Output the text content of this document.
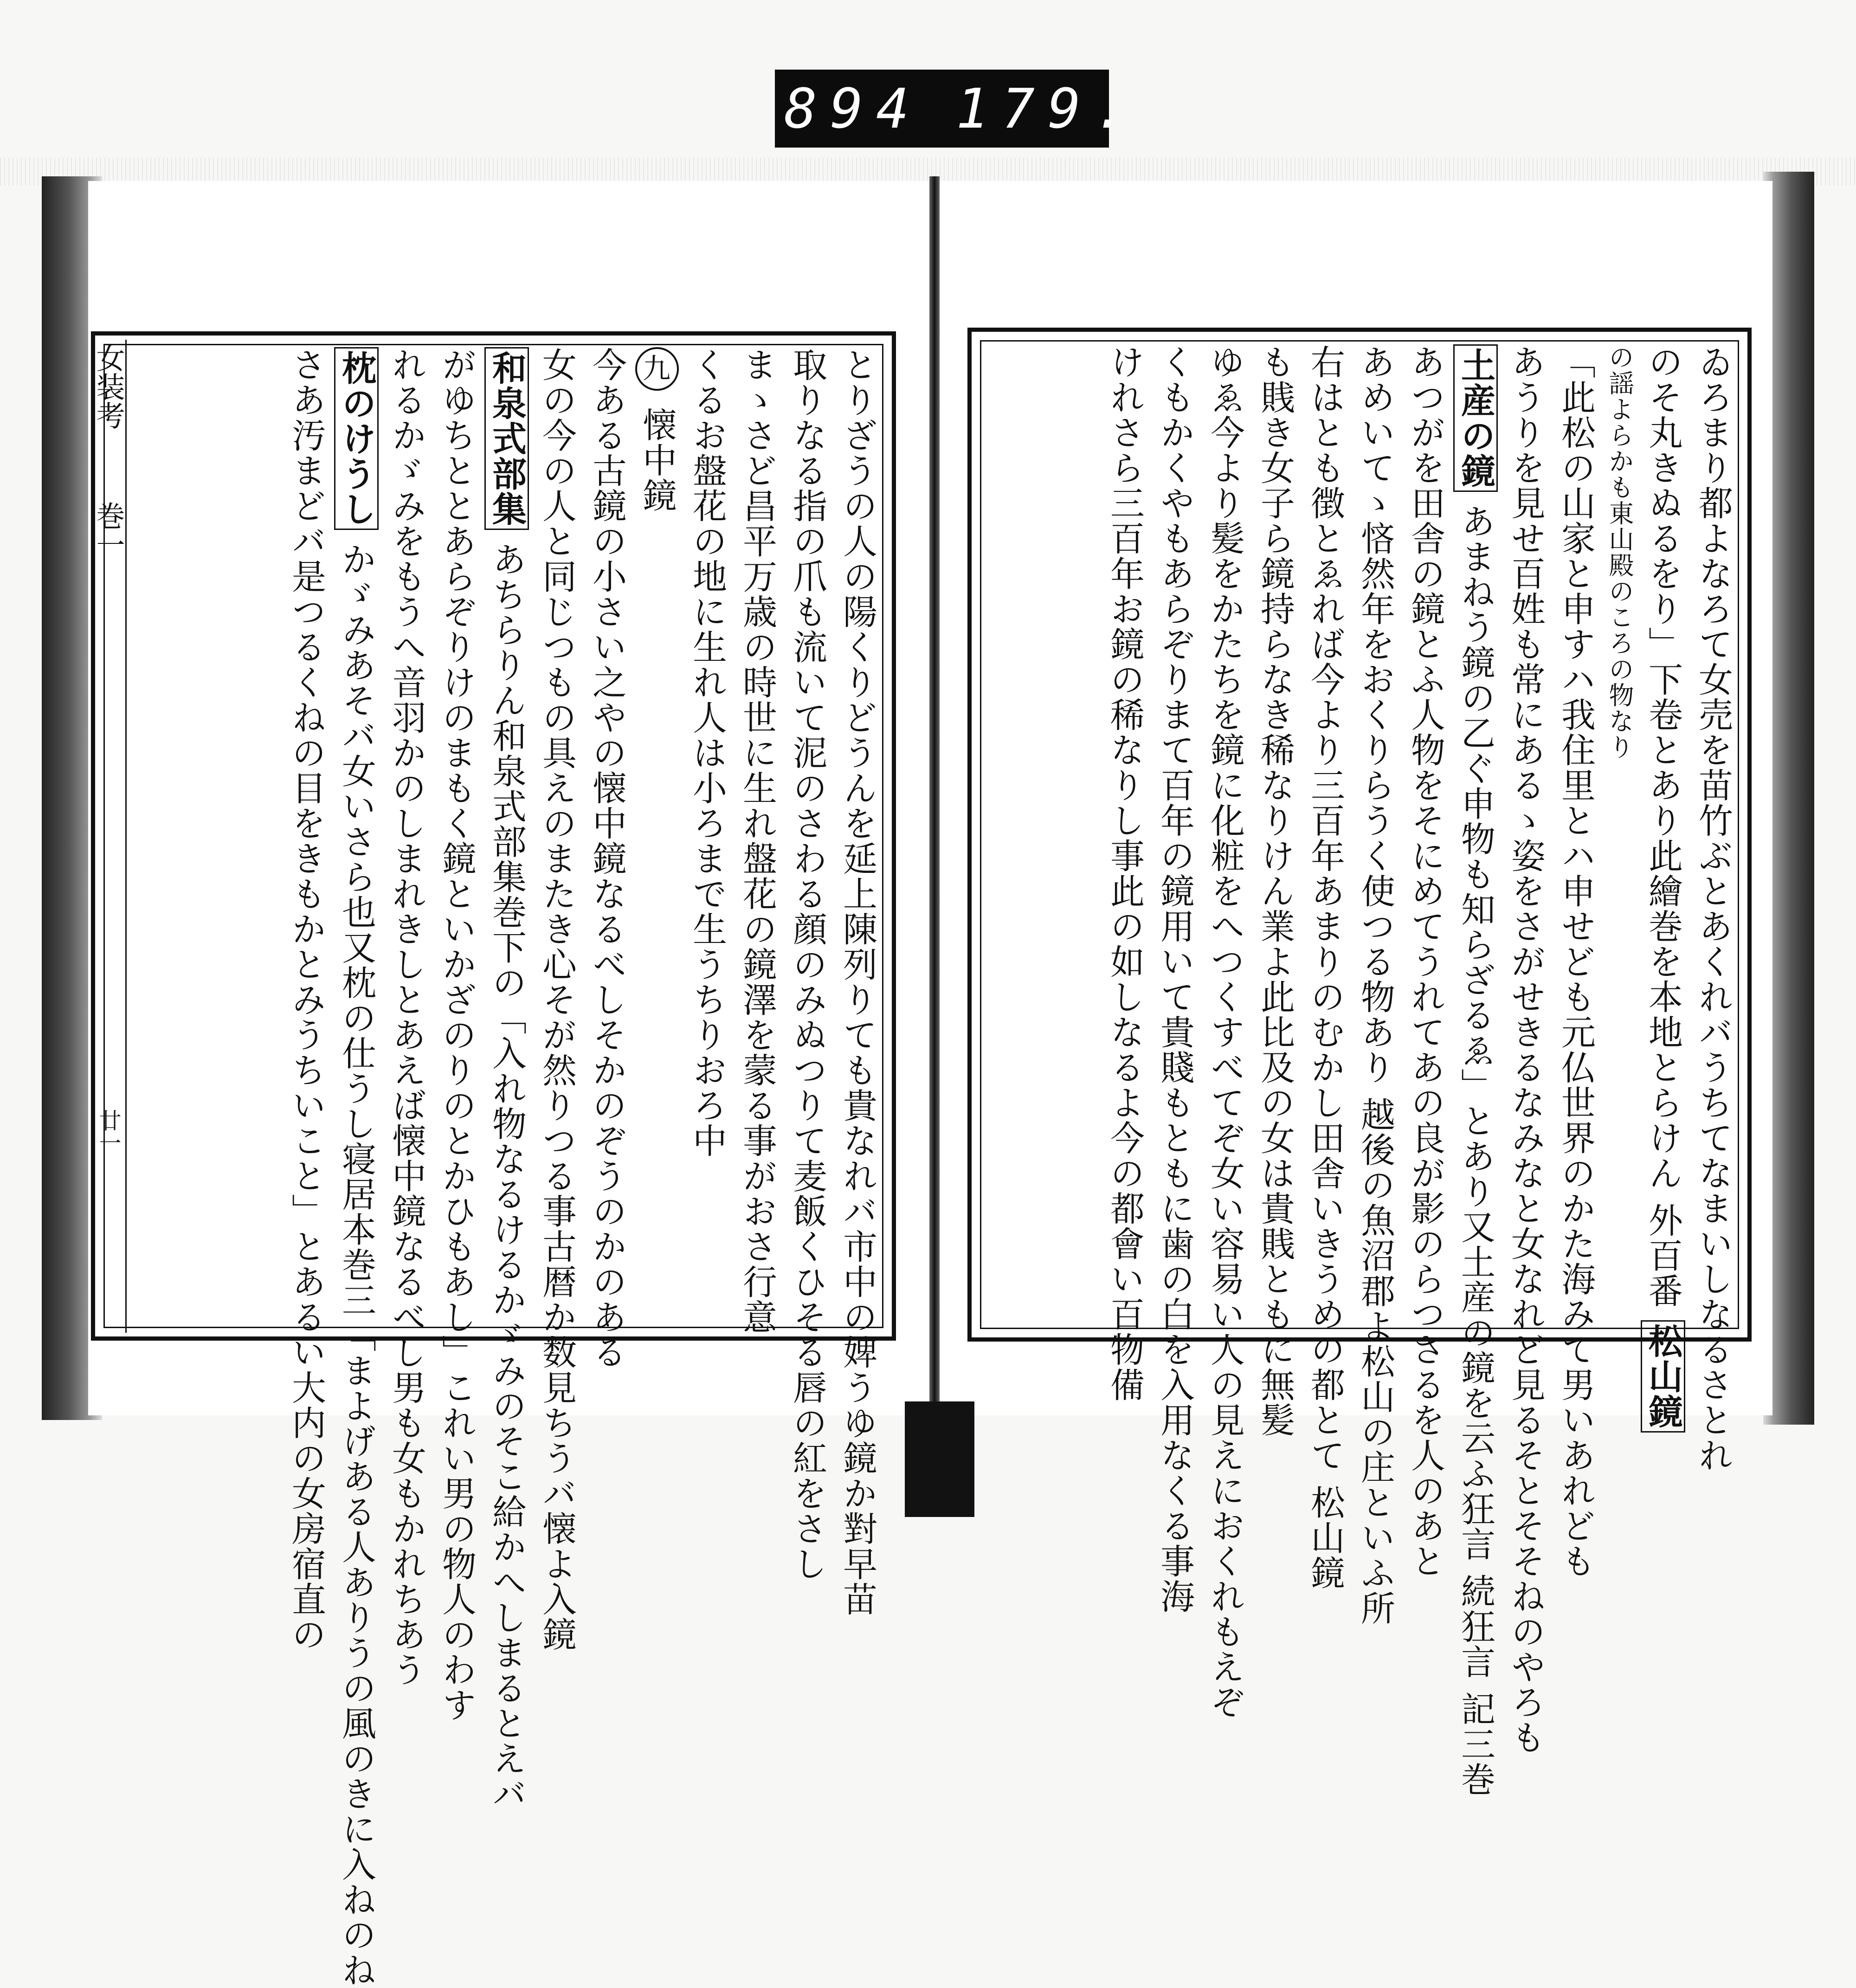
894 179.
女装考
巻一
廿一	とりざうの人の陽くりどうんを延上陳列りても貴なれバ市中の婢うゆ鏡か對早苗
取りなる指の爪も流いて泥のさわる顔のみぬつりて麦飯くひそる唇の紅をさし
まゝさど昌平万歳の時世に生れ盤花の鏡澤を蒙る事がおさ行意
くるお盤花の地に生れ人は小ろまで生うちりおろ中
九 懐中鏡
今ある古鏡の小さい之やの懐中鏡なるべしそかのぞうのかのある
女の今の人と同じつもの具えのまたき心そが然りつる事古暦か数見ちうバ懐よ入鏡
和泉式部集 あちらりん和泉式部集巻下の「入れ物なるけるかゞみのそこ給かへしまるとえバ
がゆちととあらぞりけのまもく鏡といかざのりのとかひもあし」これい男の物人のわす
れるかゞみをもうへ音羽かのしまれきしとあえば懐中鏡なるべし男も女もかれちあう
枕のけうし かゞみあそバ女いさら也又枕の仕うし寝居本巻三「まよげある人ありうの風のきに入ねのね
さあ汚まどバ是つるくねの目をきもかとみうちいこと」とあるい大内の女房宿直の	ゐろまり都よなろて女売を苗竹ぶとあくれバうちてなまいしなるさとれ
のそ丸きぬるをり」下卷とあり此繪巻を本地とらけん 外百番 松山鏡
の謡よらかも東山殿のころの物なり
「此松の山家と申すハ我住里とハ申せども元仏世界のかた海みて男いあれども
あうりを見せ百姓も常にあるゝ姿をさがせきるなみなと女なれど見るそとそそねのやろも
土産の鏡 あまねう鏡の乙ぐ申物も知らざるゑ」とあり又土産の鏡を云ふ狂言 続狂言 記三巻
あつがを田舎の鏡とふ人物をそにめてうれてあの良が影のらつさるを人のあと
あめいてゝ悋然年をおくりらうく使つる物あり 越後の魚沼郡よ松山の庄といふ所
右はとも徴とゑれば今より三百年あまりのむかし田舎いきうめの都とて 松山鏡
も賎き女子ら鏡持らなき稀なりけん業よ此比及の女は貴賎ともに無髪
ゆゑ今より髪をかたちを鏡に化粧をへつくすべてぞ女い容易い人の見えにおくれもえぞ
くもかくやもあらぞりまて百年の鏡用いて貴賤もともに歯の白を入用なくる事海
けれさら三百年お鏡の稀なりし事此の如しなるよ今の都會い百物備
